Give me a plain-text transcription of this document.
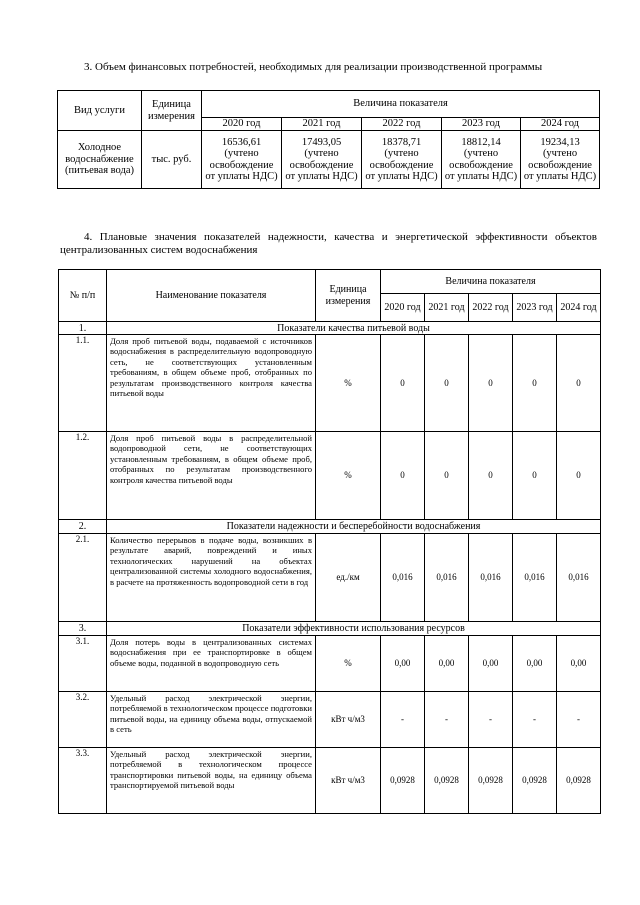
3. Объем финансовых потребностей, необходимых для реализации производственной программы
Вид услуги	Единица измерения	Величина показателя				
		2020 год	2021 год	2022 год	2023 год	2024 год
Холодное водоснабжение (питьевая вода)	тыс. руб.	16536,61 (учтено освобождение от уплаты НДС)	17493,05 (учтено освобождение от уплаты НДС)	18378,71 (учтено освобождение от уплаты НДС)	18812,14 (учтено освобождение от уплаты НДС)	19234,13 (учтено освобождение от уплаты НДС)
4. Плановые значения показателей надежности, качества и энергетической эффективности объектов централизованных систем водоснабжения
№ п/п	Наименование показателя	Единица измерения	Величина показателя				
			2020 год	2021 год	2022 год	2023 год	2024 год
1.	Показатели качества питьевой воды						
1.1.	Доля проб питьевой воды, подаваемой с источников водоснабжения в распределительную водопроводную сеть, не соответствующих установленным требованиям, в общем объеме проб, отобранных по результатам производственного контроля качества питьевой воды	%	0	0	0	0	0
1.2.	Доля проб питьевой воды в распределительной водопроводной сети, не соответствующих установленным требованиям, в общем объеме проб, отобранных по результатам производственного контроля качества питьевой воды	%	0	0	0	0	0
2.	Показатели надежности и бесперебойности водоснабжения						
2.1.	Количество перерывов в подаче воды, возникших в результате аварий, повреждений и иных технологических нарушений на объектах централизованной системы холодного водоснабжения, в расчете на протяженность водопроводной сети в год	ед./км	0,016	0,016	0,016	0,016	0,016
3.	Показатели эффективности использования ресурсов						
3.1.	Доля потерь воды в централизованных системах водоснабжения при ее транспортировке в общем объеме воды, поданной в водопроводную сеть	%	0,00	0,00	0,00	0,00	0,00
3.2.	Удельный расход электрической энергии, потребляемой в технологическом процессе подготовки питьевой воды, на единицу объема воды, отпускаемой в сеть	кВт ч/м3	-	-	-	-	-
3.3.	Удельный расход электрической энергии, потребляемой в технологическом процессе транспортировки питьевой воды, на единицу объема транспортируемой питьевой воды	кВт ч/м3	0,0928	0,0928	0,0928	0,0928	0,0928
